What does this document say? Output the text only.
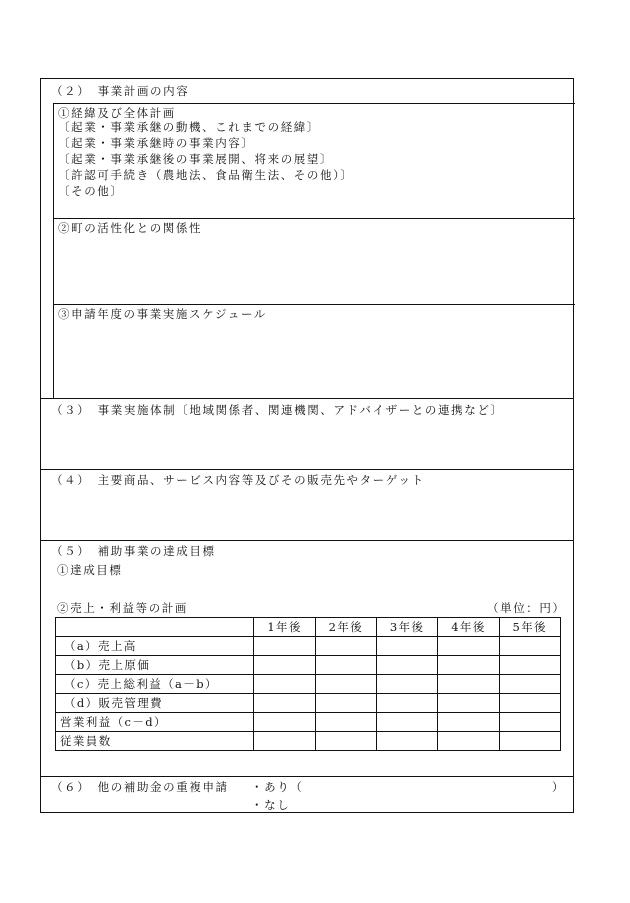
（２）　事業計画の内容
①経緯及び全体計画
〔起業・事業承継の動機、これまでの経緯〕
〔起業・事業承継時の事業内容〕
〔起業・事業承継後の事業展開、将来の展望〕
〔許認可手続き（農地法、食品衛生法、その他）〕
〔その他〕
②町の活性化との関係性
③申請年度の事業実施スケジュール
（３）　事業実施体制〔地域関係者、関連機関、アドバイザーとの連携など〕
（４）　主要商品、サービス内容等及びその販売先やターゲット
（５）　補助事業の達成目標
①達成目標
②売上・利益等の計画	（単位：円）
	1年後	2年後	3年後	4年後	5年後
（a）売上高					
（b）売上原価					
（c）売上総利益（a－b）					
（d）販売管理費					
営業利益（c－d）					
従業員数					
（６）　他の補助金の重複申請 ・あり（	）
・なし
